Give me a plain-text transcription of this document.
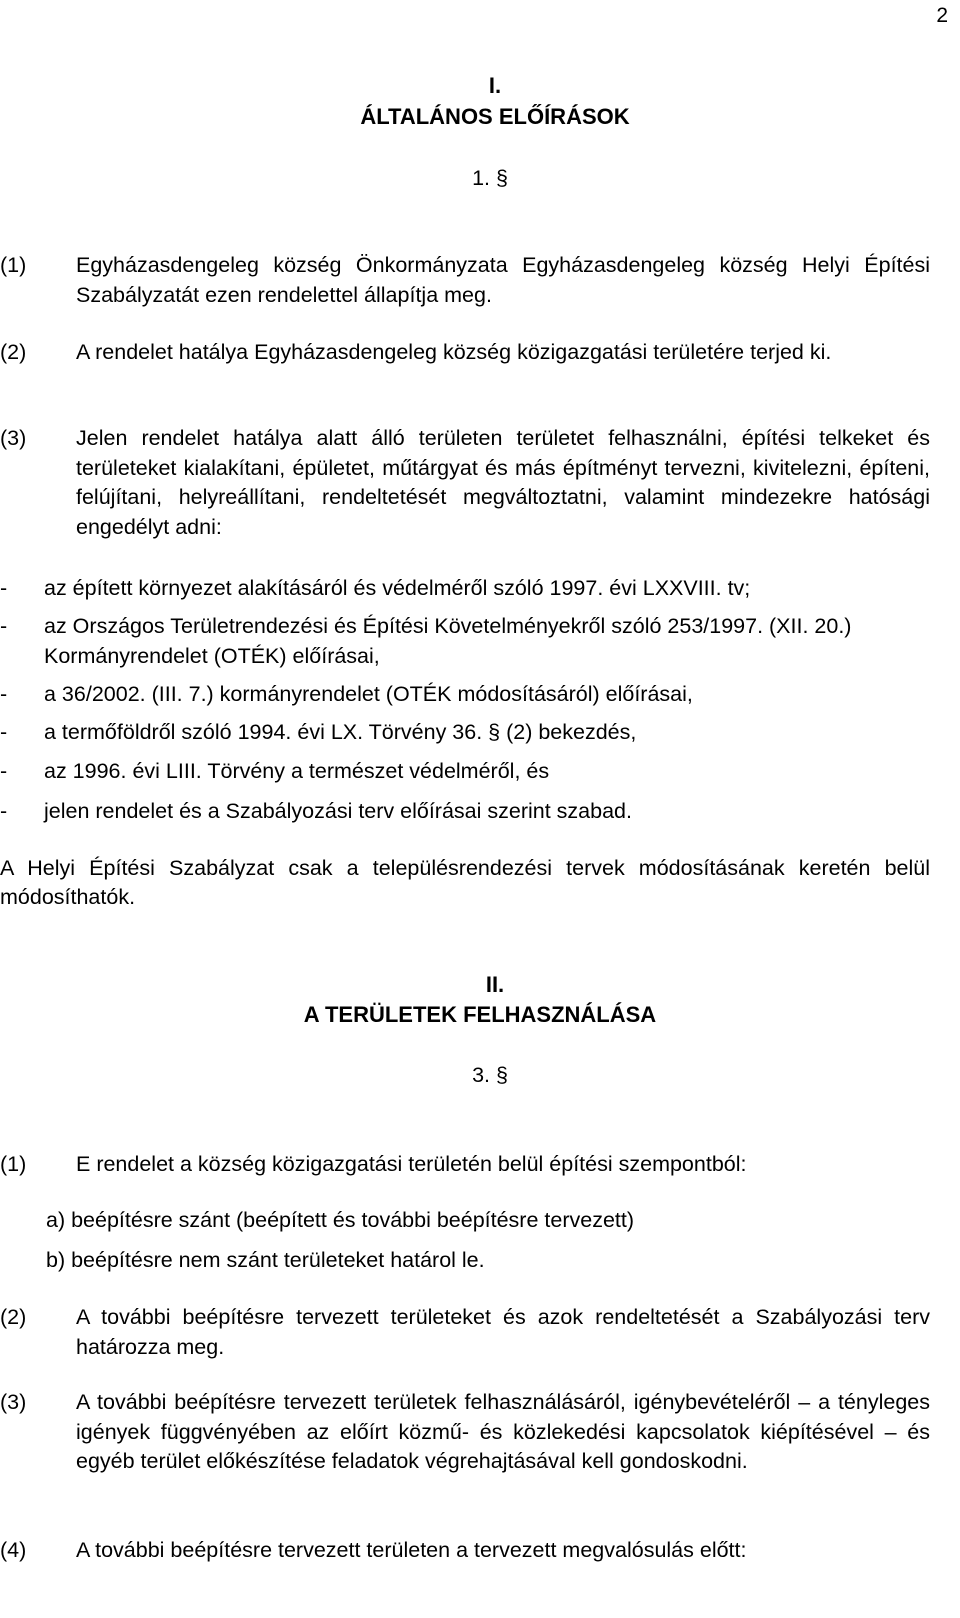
2
I.
ÁLTALÁNOS ELŐÍRÁSOK
1. §
(1) Egyházasdengeleg község Önkormányzata Egyházasdengeleg község Helyi Építési Szabályzatát ezen rendelettel állapítja meg.
(2) A rendelet hatálya Egyházasdengeleg község közigazgatási területére terjed ki.
(3) Jelen rendelet hatálya alatt álló területen területet felhasználni, építési telkeket és területeket kialakítani, épületet, műtárgyat és más építményt tervezni, kivitelezni, építeni, felújítani, helyreállítani, rendeltetését megváltoztatni, valamint mindezekre hatósági engedélyt adni:
- az épített környezet alakításáról és védelméről szóló 1997. évi LXXVIII. tv;
- az Országos Területrendezési és Építési Követelményekről szóló 253/1997. (XII. 20.) Kormányrendelet (OTÉK) előírásai,
- a 36/2002. (III. 7.) kormányrendelet (OTÉK módosításáról) előírásai,
- a termőföldről szóló 1994. évi LX. Törvény 36. § (2) bekezdés,
- az 1996. évi LIII. Törvény a természet védelméről, és
- jelen rendelet és a Szabályozási terv előírásai szerint szabad.
A Helyi Építési Szabályzat csak a településrendezési tervek módosításának keretén belül módosíthatók.
II.
A TERÜLETEK FELHASZNÁLÁSA
3. §
(1) E rendelet a község közigazgatási területén belül építési szempontból:
a) beépítésre szánt (beépített és további beépítésre tervezett)
b) beépítésre nem szánt területeket határol le.
(2) A további beépítésre tervezett területeket és azok rendeltetését a Szabályozási terv határozza meg.
(3) A további beépítésre tervezett területek felhasználásáról, igénybevételéről – a tényleges igények függvényében az előírt közmű- és közlekedési kapcsolatok kiépítésével – és egyéb terület előkészítése feladatok végrehajtásával kell gondoskodni.
(4) A további beépítésre tervezett területen a tervezett megvalósulás előtt:
